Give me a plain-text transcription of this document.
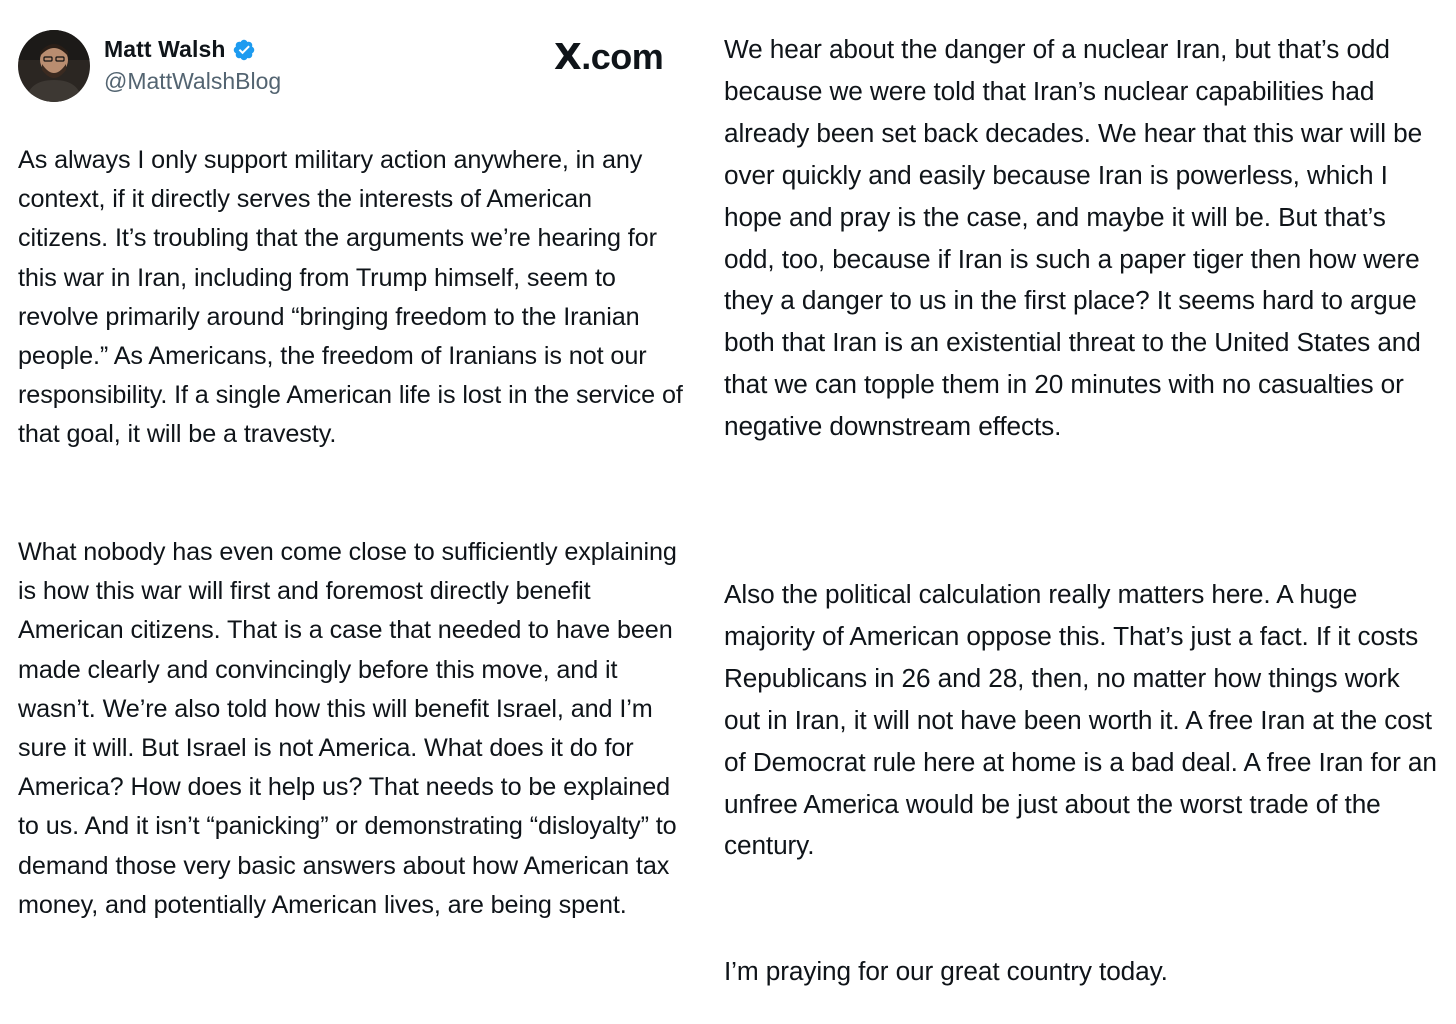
Matt Walsh
@MattWalshBlog
X.com

As always I only support military action anywhere, in any context, if it directly serves the interests of American citizens. It’s troubling that the arguments we’re hearing for this war in Iran, including from Trump himself, seem to revolve primarily around “bringing freedom to the Iranian people.” As Americans, the freedom of Iranians is not our responsibility. If a single American life is lost in the service of that goal, it will be a travesty.

What nobody has even come close to sufficiently explaining is how this war will first and foremost directly benefit American citizens. That is a case that needed to have been made clearly and convincingly before this move, and it wasn’t. We’re also told how this will benefit Israel, and I’m sure it will. But Israel is not America. What does it do for America? How does it help us? That needs to be explained to us. And it isn’t “panicking” or demonstrating “disloyalty” to demand those very basic answers about how American tax money, and potentially American lives, are being spent.

We hear about the danger of a nuclear Iran, but that’s odd because we were told that Iran’s nuclear capabilities had already been set back decades. We hear that this war will be over quickly and easily because Iran is powerless, which I hope and pray is the case, and maybe it will be. But that’s odd, too, because if Iran is such a paper tiger then how were they a danger to us in the first place? It seems hard to argue both that Iran is an existential threat to the United States and that we can topple them in 20 minutes with no casualties or negative downstream effects.

Also the political calculation really matters here. A huge majority of American oppose this. That’s just a fact. If it costs Republicans in 26 and 28, then, no matter how things work out in Iran, it will not have been worth it. A free Iran at the cost of Democrat rule here at home is a bad deal. A free Iran for an unfree America would be just about the worst trade of the century.

I’m praying for our great country today.
